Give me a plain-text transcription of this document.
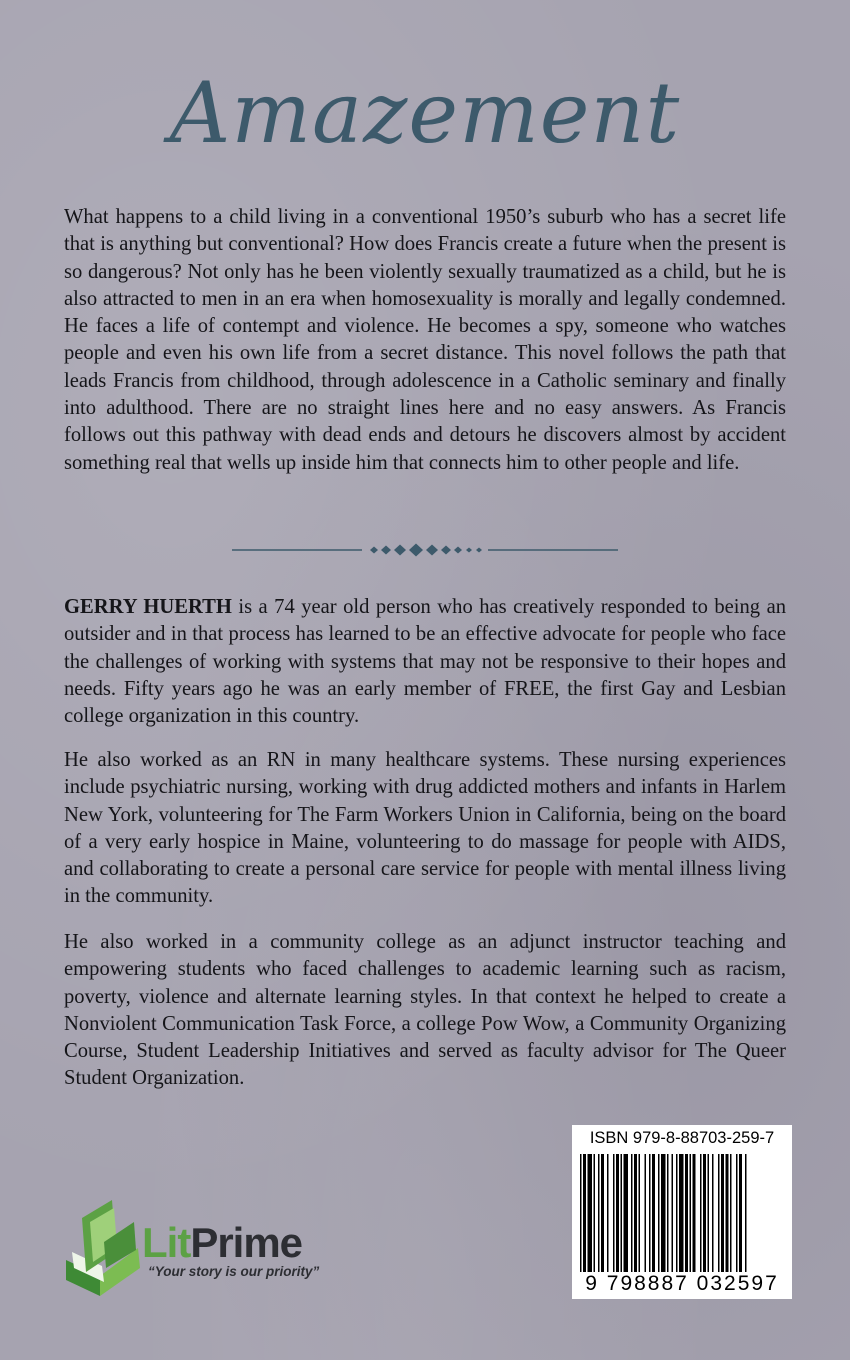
Amazement

What happens to a child living in a conventional 1950’s suburb who has a secret life that is anything but conventional? How does Francis create a future when the present is so dangerous? Not only has he been violently sexually traumatized as a child, but he is also attracted to men in an era when homosexuality is morally and legally condemned. He faces a life of contempt and violence. He becomes a spy, someone who watches people and even his own life from a secret distance. This novel follows the path that leads Francis from childhood, through adolescence in a Catholic seminary and finally into adulthood. There are no straight lines here and no easy answers. As Francis follows out this pathway with dead ends and detours he discovers almost by accident something real that wells up inside him that connects him to other people and life.

GERRY HUERTH is a 74 year old person who has creatively responded to being an outsider and in that process has learned to be an effective advocate for people who face the challenges of working with systems that may not be responsive to their hopes and needs. Fifty years ago he was an early member of FREE, the first Gay and Lesbian college organization in this country.

He also worked as an RN in many healthcare systems. These nursing experiences include psychiatric nursing, working with drug addicted mothers and infants in Harlem New York, volunteering for The Farm Workers Union in California, being on the board of a very early hospice in Maine, volunteering to do massage for people with AIDS, and collaborating to create a personal care service for people with mental illness living in the community.

He also worked in a community college as an adjunct instructor teaching and empowering students who faced challenges to academic learning such as racism, poverty, violence and alternate learning styles. In that context he helped to create a Nonviolent Communication Task Force, a college Pow Wow, a Community Organizing Course, Student Leadership Initiatives and served as faculty advisor for The Queer Student Organization.

LitPrime
“Your story is our priority”
ISBN 979-8-88703-259-7
9 798887 032597
